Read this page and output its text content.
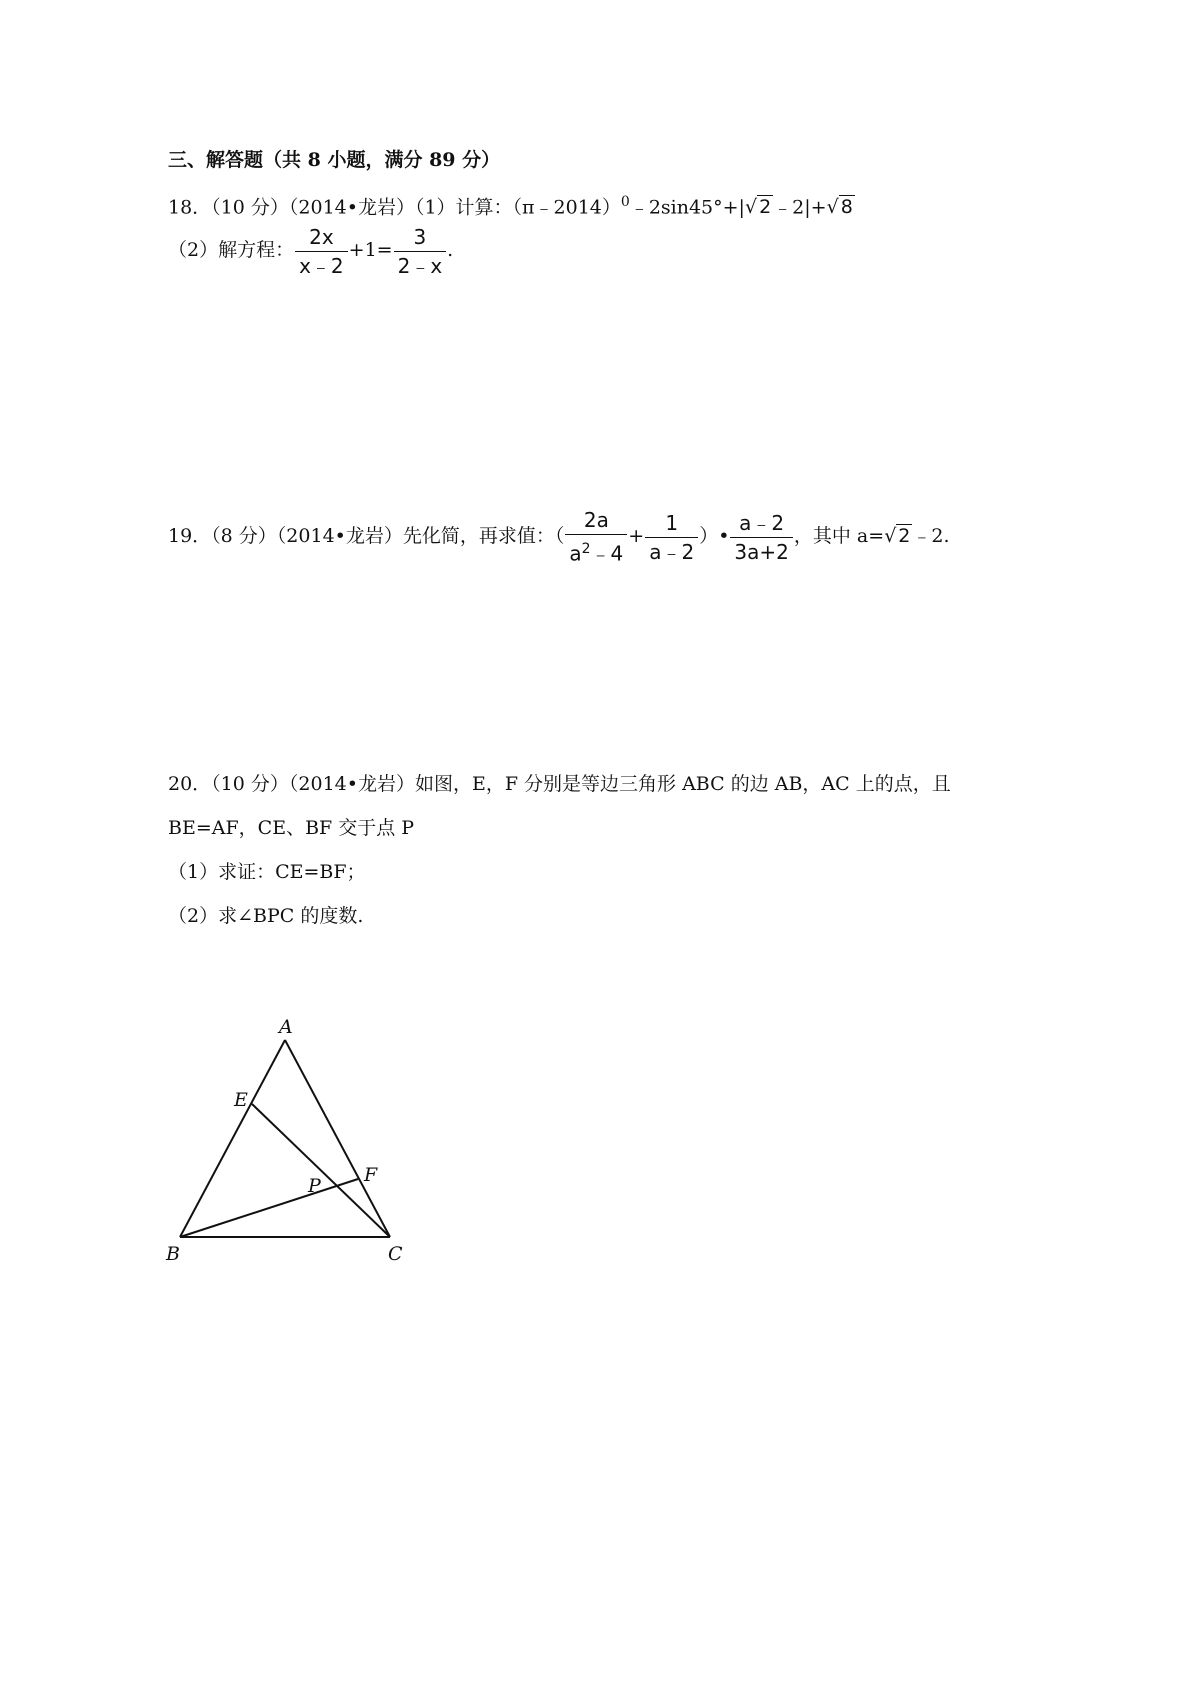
三、解答题（共 8 小题，满分 89 分）
18．（10 分）（2014•龙岩）（1）计算：（π﹣2014）$^0$﹣2sin45°+|√ 2 ﹣2|+√ 8
（2）解方程： $\frac{2x}{x﹣2} +1= \frac{3}{2﹣x}$ .
19．（8 分）（2014•龙岩）先化简，再求值：（ $\frac{2a}{a^2﹣4} + \frac{1}{a﹣2}$ ）• $\frac{a﹣2}{3a+2}$ ，其中 a=√ 2 ﹣2.
20．（10 分）（2014•龙岩）如图，E，F 分别是等边三角形 ABC 的边 AB，AC 上的点，且
BE=AF，CE、BF 交于点 P
（1）求证：CE=BF；
（2）求∠BPC 的度数.
A
E
F
P
B	C
